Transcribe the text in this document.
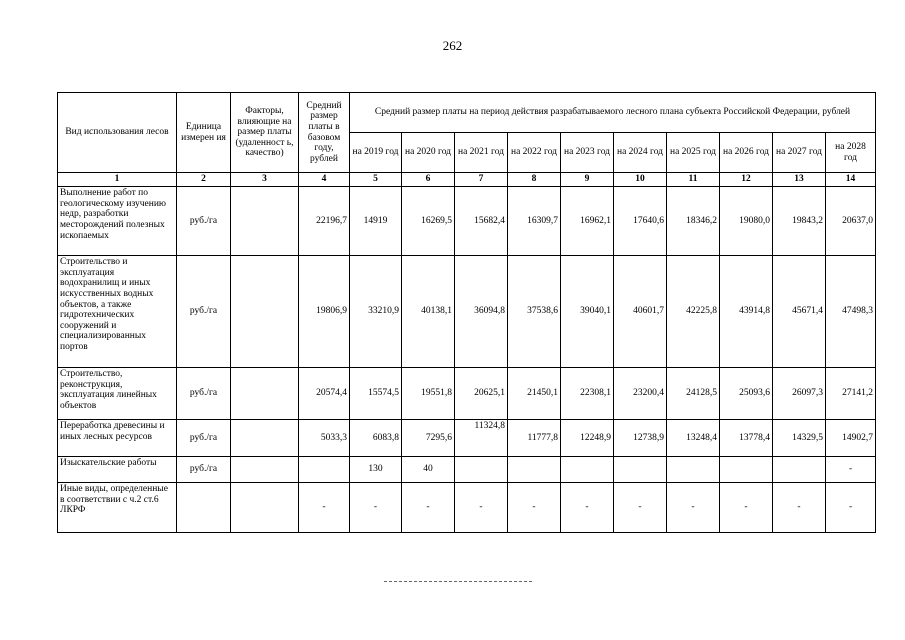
262
Вид использования лесов	Единица измерен ия	Факторы, влияющие на размер платы (удаленност ь, качество)	Средний размер платы в базовом году, рублей	Средний размер платы на период действия разрабатываемого лесного плана субъекта Российской Федерации, рублей									
				на 2019 год	на 2020 год	на 2021 год	на 2022 год	на 2023 год	на 2024 год	на 2025 год	на 2026 год	на 2027 год	на 2028 год
1	2	3	4	5	6	7	8	9	10	11	12	13	14
Выполнение работ по геологическому изучению недр, разработки месторождений полезных ископаемых	руб./га		22196,7	14919	16269,5	15682,4	16309,7	16962,1	17640,6	18346,2	19080,0	19843,2	20637,0
Строительство и эксплуатация водохранилищ и иных искусственных водных объектов, а также гидротехнических сооружений и специализированных портов	руб./га		19806,9	33210,9	40138,1	36094,8	37538,6	39040,1	40601,7	42225,8	43914,8	45671,4	47498,3
Строительство, реконструкция, эксплуатация линейных объектов	руб./га		20574,4	15574,5	19551,8	20625,1	21450,1	22308,1	23200,4	24128,5	25093,6	26097,3	27141,2
Переработка древесины и иных лесных ресурсов	руб./га		5033,3	6083,8	7295,6	11324,8	11777,8	12248,9	12738,9	13248,4	13778,4	14329,5	14902,7
Изыскательские работы	руб./га			130	40								-
Иные виды, определенные в соответствии с ч.2 ст.6 ЛКРФ			-	-	-	-	-	-	-	-	-	-	-
